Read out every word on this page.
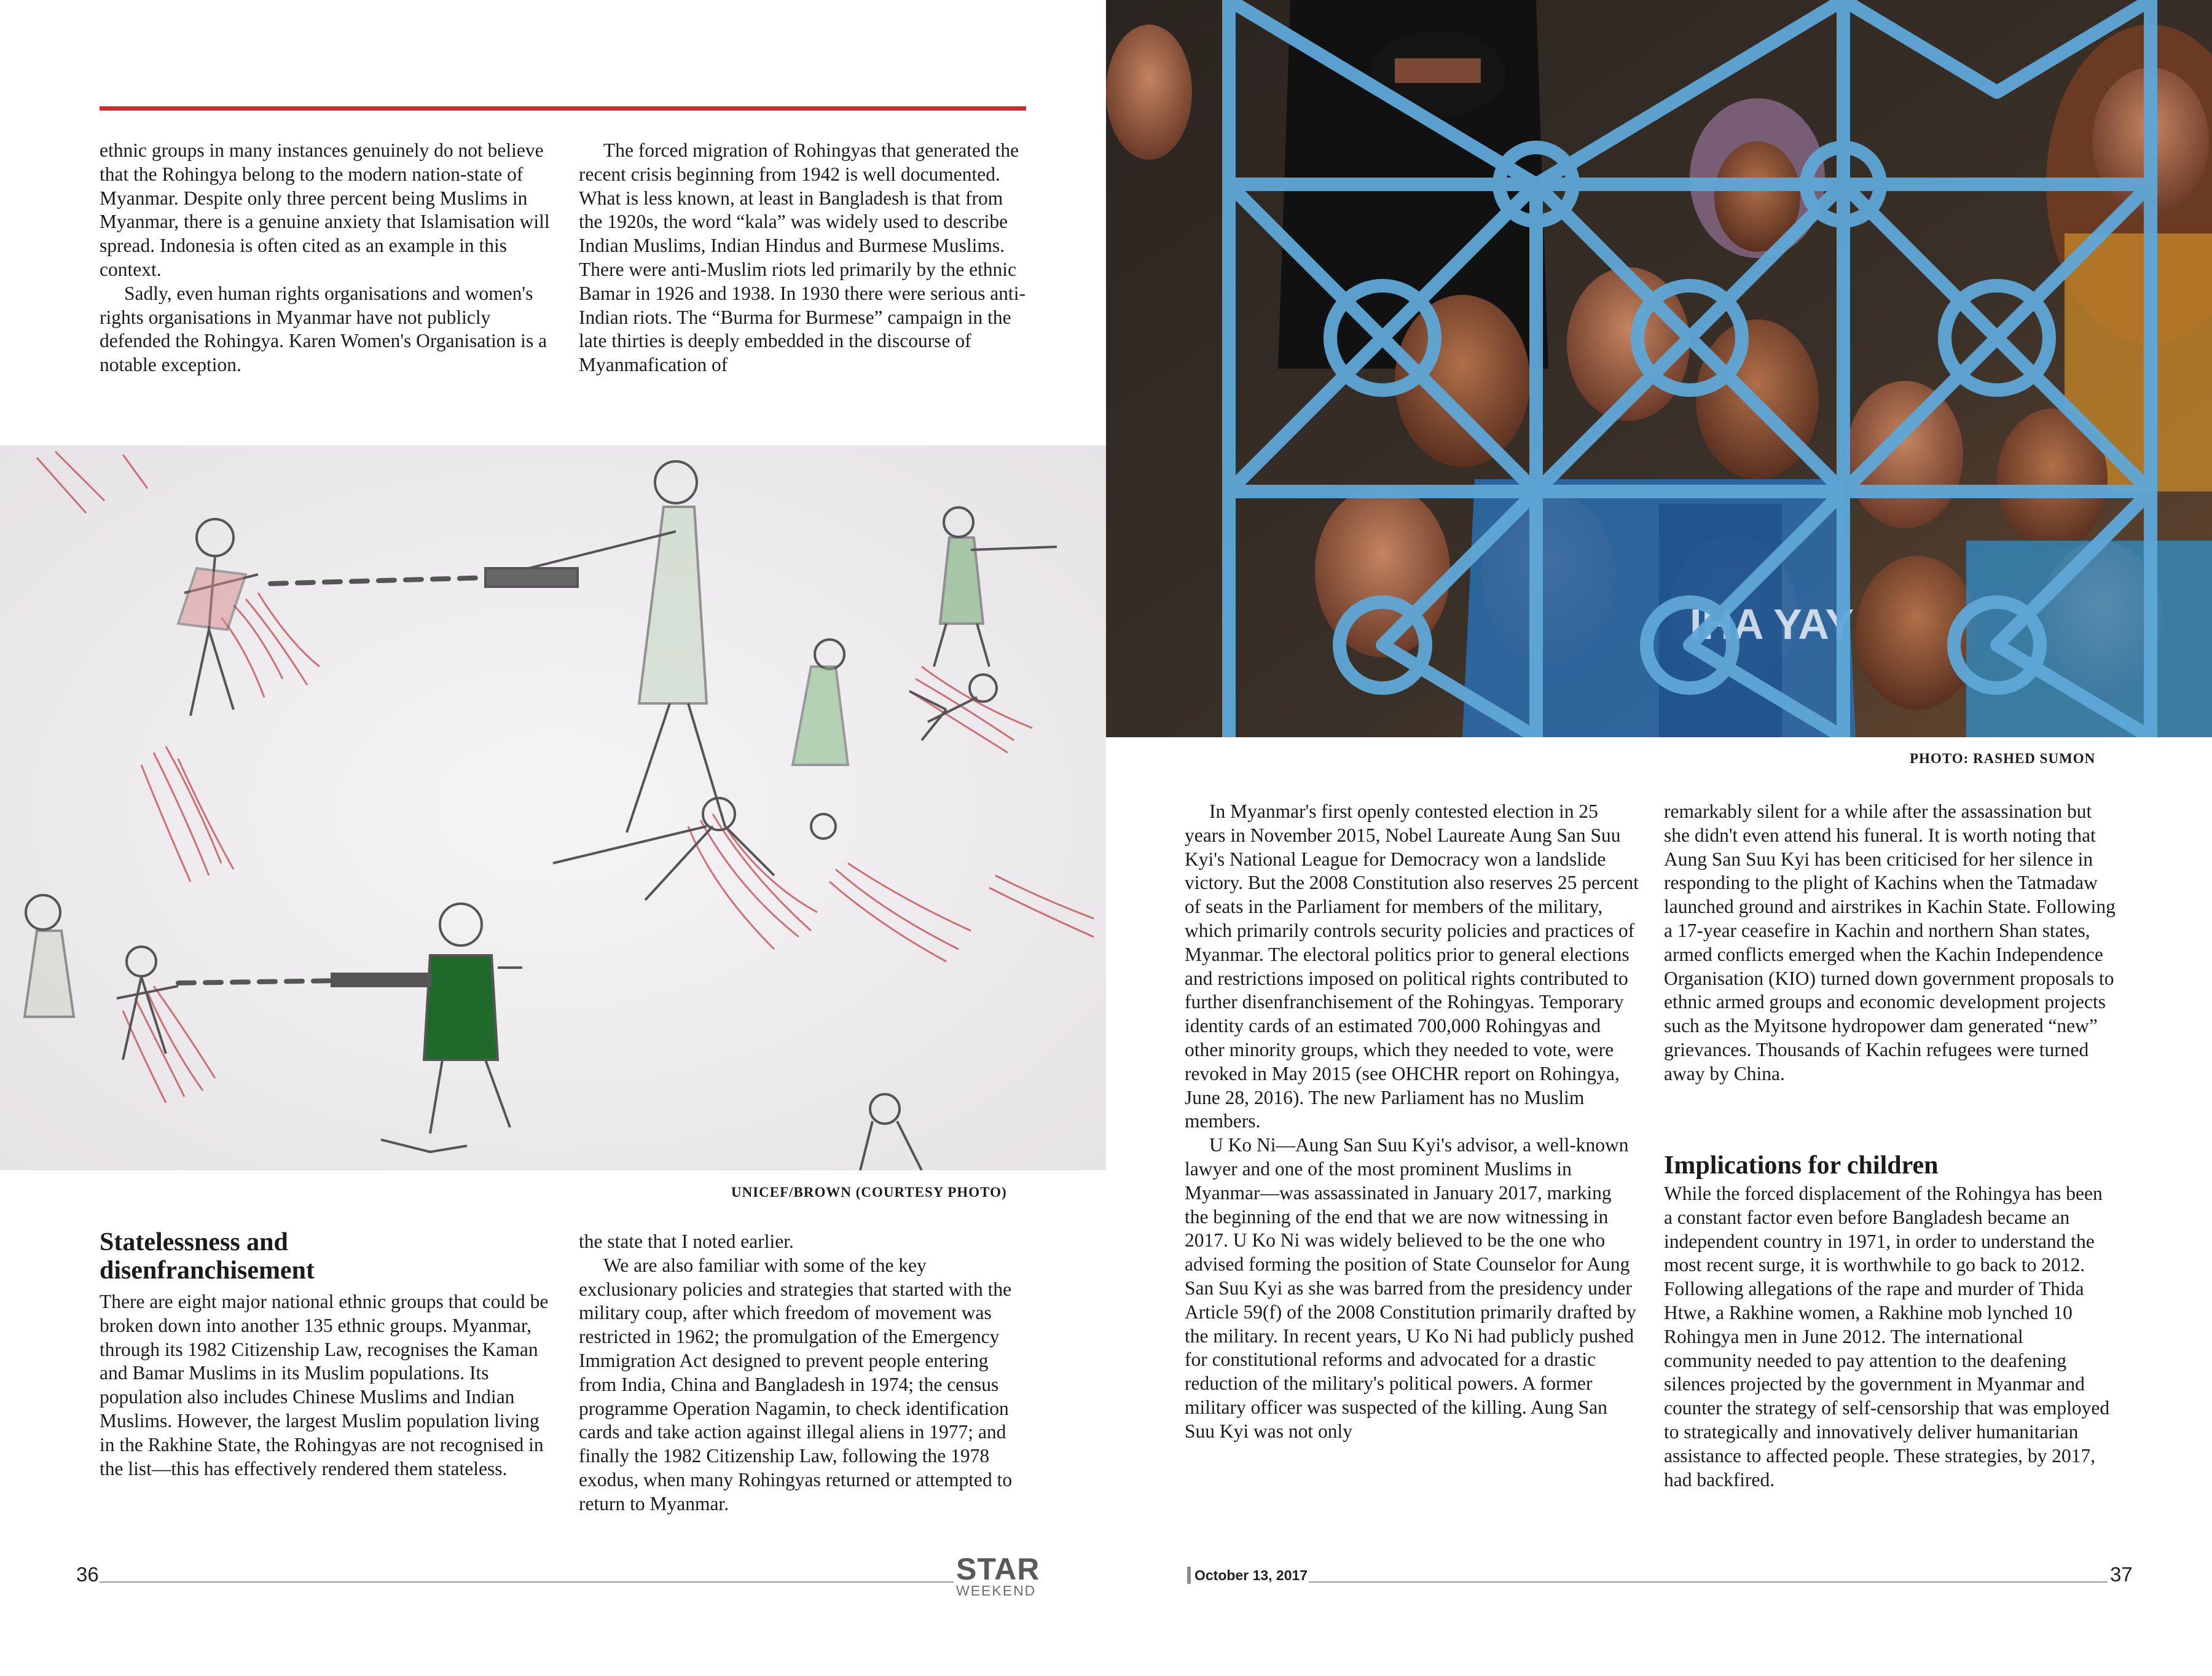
ethnic groups in many instances genuinely do not believe that the Rohingya belong to the modern nation-state of Myanmar. Despite only three percent being Muslims in Myanmar, there is a genuine anxiety that Islamisation will spread. Indonesia is often cited as an example in this context.

Sadly, even human rights organisations and women's rights organisations in Myanmar have not publicly defended the Rohingya. Karen Women's Organisation is a notable exception.

The forced migration of Rohingyas that generated the recent crisis beginning from 1942 is well documented. What is less known, at least in Bangladesh is that from the 1920s, the word “kala” was widely used to describe Indian Muslims, Indian Hindus and Burmese Muslims. There were anti-Muslim riots led primarily by the ethnic Bamar in 1926 and 1938. In 1930 there were serious anti-Indian riots. The “Burma for Burmese” campaign in the late thirties is deeply embedded in the discourse of Myanmafication of

UNICEF/BROWN (COURTESY PHOTO)
Statelessness and disenfranchisement

There are eight major national ethnic groups that could be broken down into another 135 ethnic groups. Myanmar, through its 1982 Citizenship Law, recognises the Kaman and Bamar Muslims in its Muslim populations. Its population also includes Chinese Muslims and Indian Muslims. However, the largest Muslim population living in the Rakhine State, the Rohingyas are not recognised in the list—this has effectively rendered them stateless.

the state that I noted earlier.

We are also familiar with some of the key exclusionary policies and strategies that started with the military coup, after which freedom of movement was restricted in 1962; the promulgation of the Emergency Immigration Act designed to prevent people entering from India, China and Bangladesh in 1974; the census programme Operation Nagamin, to check identification cards and take action against illegal aliens in 1977; and finally the 1982 Citizenship Law, following the 1978 exodus, when many Rohingyas returned or attempted to return to Myanmar.

36	STAR
WEEKEND
IHA YAY
PHOTO: RASHED SUMON

In Myanmar's first openly contested election in 25 years in November 2015, Nobel Laureate Aung San Suu Kyi's National League for Democracy won a landslide victory. But the 2008 Constitution also reserves 25 percent of seats in the Parliament for members of the military, which primarily controls security policies and practices of Myanmar. The electoral politics prior to general elections and restrictions imposed on political rights contributed to further disenfranchisement of the Rohingyas. Temporary identity cards of an estimated 700,000 Rohingyas and other minority groups, which they needed to vote, were revoked in May 2015 (see OHCHR report on Rohingya, June 28, 2016). The new Parliament has no Muslim members.

U Ko Ni—Aung San Suu Kyi's advisor, a well-known lawyer and one of the most prominent Muslims in Myanmar—was assassinated in January 2017, marking the beginning of the end that we are now witnessing in 2017. U Ko Ni was widely believed to be the one who advised forming the position of State Counselor for Aung San Suu Kyi as she was barred from the presidency under Article 59(f) of the 2008 Constitution primarily drafted by the military. In recent years, U Ko Ni had publicly pushed for constitutional reforms and advocated for a drastic reduction of the military's political powers. A former military officer was suspected of the killing. Aung San Suu Kyi was not only

remarkably silent for a while after the assassination but she didn't even attend his funeral. It is worth noting that Aung San Suu Kyi has been criticised for her silence in responding to the plight of Kachins when the Tatmadaw launched ground and airstrikes in Kachin State. Following a 17-year ceasefire in Kachin and northern Shan states, armed conflicts emerged when the Kachin Independence Organisation (KIO) turned down government proposals to ethnic armed groups and economic development projects such as the Myitsone hydropower dam generated “new” grievances. Thousands of Kachin refugees were turned away by China.

Implications for children

While the forced displacement of the Rohingya has been a constant factor even before Bangladesh became an independent country in 1971, in order to understand the most recent surge, it is worthwhile to go back to 2012. Following allegations of the rape and murder of Thida Htwe, a Rakhine women, a Rakhine mob lynched 10 Rohingya men in June 2012. The international community needed to pay attention to the deafening silences projected by the government in Myanmar and counter the strategy of self-censorship that was employed to strategically and innovatively deliver humanitarian assistance to affected people. These strategies, by 2017, had backfired.

October 13, 2017	37
